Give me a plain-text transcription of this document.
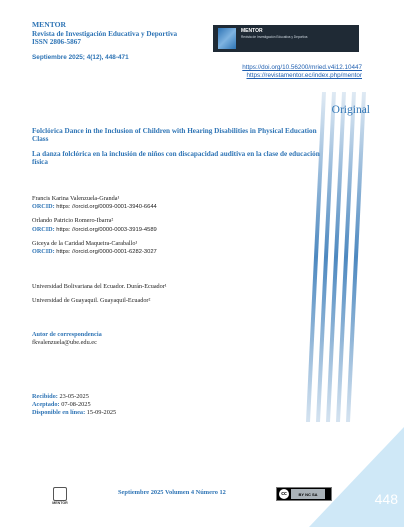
MENTOR
Revista de Investigación Educativa y Deportiva
ISSN 2806-5867
Septiembre 2025; 4(12), 448-471
MENTOR
Revista de Investigación Educativa y Deportiva
https://doi.org/10.56200/mried.v4i12.10447
https://revistamentor.ec/index.php/mentor
448
Original
Folclórica Dance in the Inclusion of Children with Hearing Disabilities in Physical Education Class
La danza folclórica en la inclusión de niños con discapacidad auditiva en la clase de educación física
Francis Karina Valenzuela-Granda¹
ORCID: https: //orcid.org/0009-0001-3940-6644
Orlando Patricio Romero-Ibarra²
ORCID: https: //orcid.org/0000-0003-3919-4589
Giceya de la Caridad Maqueira-Caraballo¹
ORCID: https: //orcid.org/0000-0001-6282-3027
Universidad Bolivariana del Ecuador. Durán-Ecuador¹
Universidad de Guayaquil. Guayaquil-Ecuador²
Autor de correspondencia
fkvalenzuela@ube.edu.ec
Recibido: 23-05-2025
Aceptado: 07-08-2025
Disponible en línea: 15-09-2025
MENTOR
Septiembre 2025 Volumen 4 Número 12	cc	BY NC SA
